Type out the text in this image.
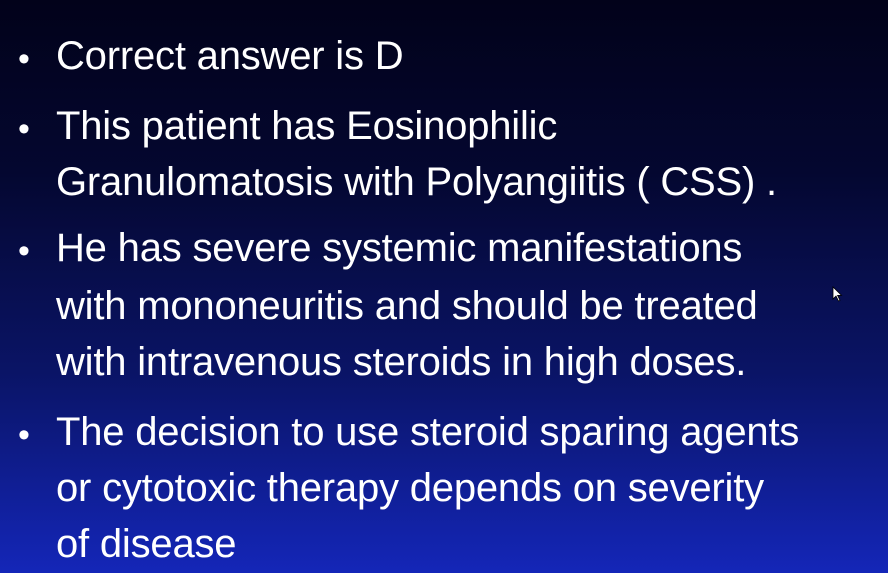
• Correct answer is D
• This patient has Eosinophilic
Granulomatosis with Polyangiitis ( CSS) .
• He has severe systemic manifestations
with mononeuritis and should be treated
with intravenous steroids in high doses.
• The decision to use steroid sparing agents
or cytotoxic therapy depends on severity
of disease
